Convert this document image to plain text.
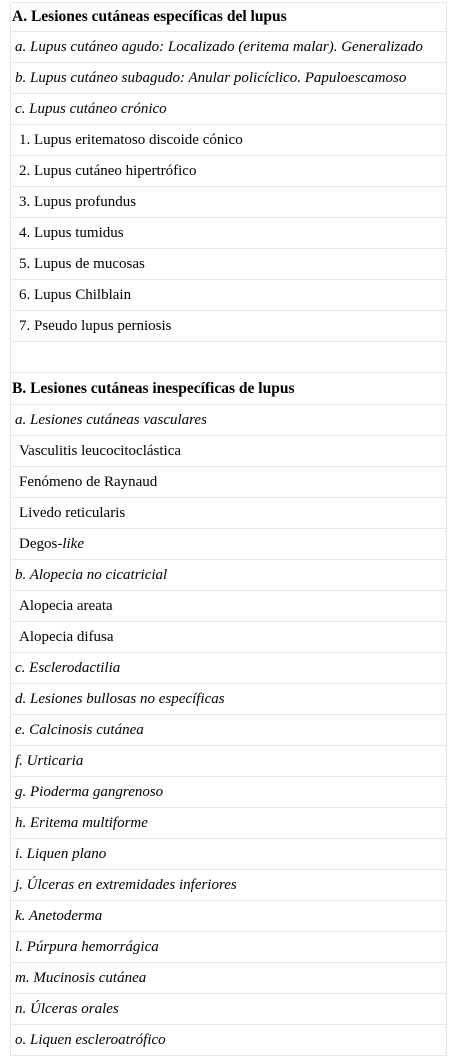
A. Lesiones cutáneas específicas del lupus
a. Lupus cutáneo agudo: Localizado (eritema malar). Generalizado
b. Lupus cutáneo subagudo: Anular policíclico. Papuloescamoso
c. Lupus cutáneo crónico
1. Lupus eritematoso discoide cónico
2. Lupus cutáneo hipertrófico
3. Lupus profundus
4. Lupus tumidus
5. Lupus de mucosas
6. Lupus Chilblain
7. Pseudo lupus perniosis
B. Lesiones cutáneas inespecíficas de lupus
a. Lesiones cutáneas vasculares
Vasculitis leucocitoclástica
Fenómeno de Raynaud
Livedo reticularis
Degos- like
b. Alopecia no cicatricial
Alopecia areata
Alopecia difusa
c. Esclerodactilia
d. Lesiones bullosas no específicas
e. Calcinosis cutánea
f. Urticaria
g. Pioderma gangrenoso
h. Eritema multiforme
i. Liquen plano
j. Úlceras en extremidades inferiores
k. Anetoderma
l. Púrpura hemorrágica
m. Mucinosis cutánea
n. Úlceras orales
o. Liquen escleroatrófico
